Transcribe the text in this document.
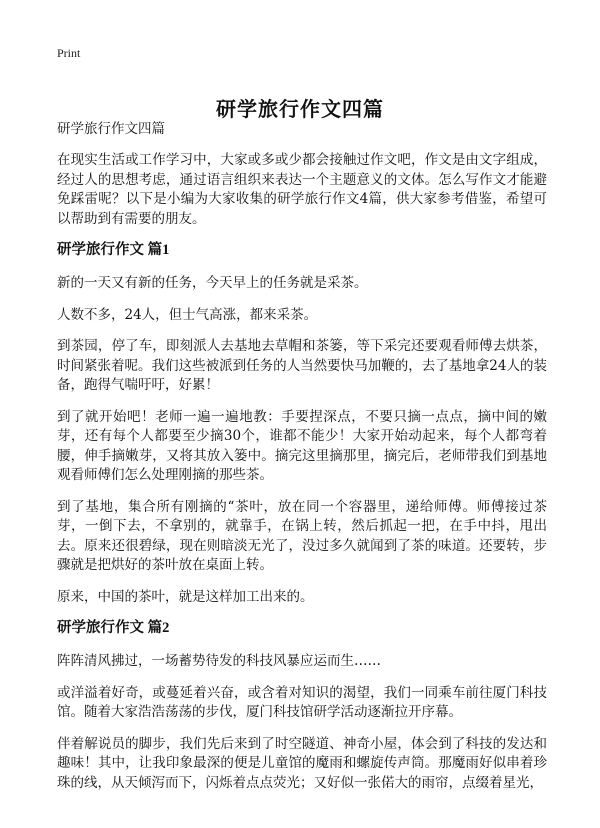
Print
研学旅行作文四篇
研学旅行作文四篇

在现实生活或工作学习中，大家或多或少都会接触过作文吧，作文是由文字组成，经过人的思想考虑，通过语言组织来表达一个主题意义的文体。怎么写作文才能避免踩雷呢？以下是小编为大家收集的研学旅行作文4篇，供大家参考借鉴，希望可以帮助到有需要的朋友。

研学旅行作文 篇1

新的一天又有新的任务，今天早上的任务就是采茶。

人数不多，24人，但士气高涨，都来采茶。

到茶园，停了车，即刻派人去基地去草帽和茶篓，等下采完还要观看师傅去烘茶，时间紧张着呢。我们这些被派到任务的人当然要快马加鞭的，去了基地拿24人的装备，跑得气喘吁吁，好累！

到了就开始吧！老师一遍一遍地教：手要捏深点，不要只摘一点点，摘中间的嫩芽，还有每个人都要至少摘30个，谁都不能少！大家开始动起来，每个人都弯着腰，伸手摘嫩芽，又将其放入篓中。摘完这里摘那里，摘完后，老师带我们到基地观看师傅们怎么处理刚摘的那些茶。

到了基地，集合所有刚摘的“茶叶，放在同一个容器里，递给师傅。师傅接过茶芽，一倒下去，不拿别的，就靠手，在锅上转，然后抓起一把，在手中抖，甩出去。原来还很碧绿，现在则暗淡无光了，没过多久就闻到了茶的味道。还要转，步骤就是把烘好的茶叶放在桌面上转。

原来，中国的茶叶，就是这样加工出来的。

研学旅行作文 篇2

阵阵清风拂过，一场蓄势待发的科技风暴应运而生……

或洋溢着好奇，或蔓延着兴奋，或含着对知识的渴望，我们一同乘车前往厦门科技馆。随着大家浩浩荡荡的步伐，厦门科技馆研学活动逐渐拉开序幕。

伴着解说员的脚步，我们先后来到了时空隧道、神奇小屋，体会到了科技的发达和趣味！其中，让我印象最深的便是儿童馆的魔雨和螺旋传声筒。那魔雨好似串着珍珠的线，从天倾泻而下，闪烁着点点荧光；又好似一张偌大的雨帘，点缀着星光，
